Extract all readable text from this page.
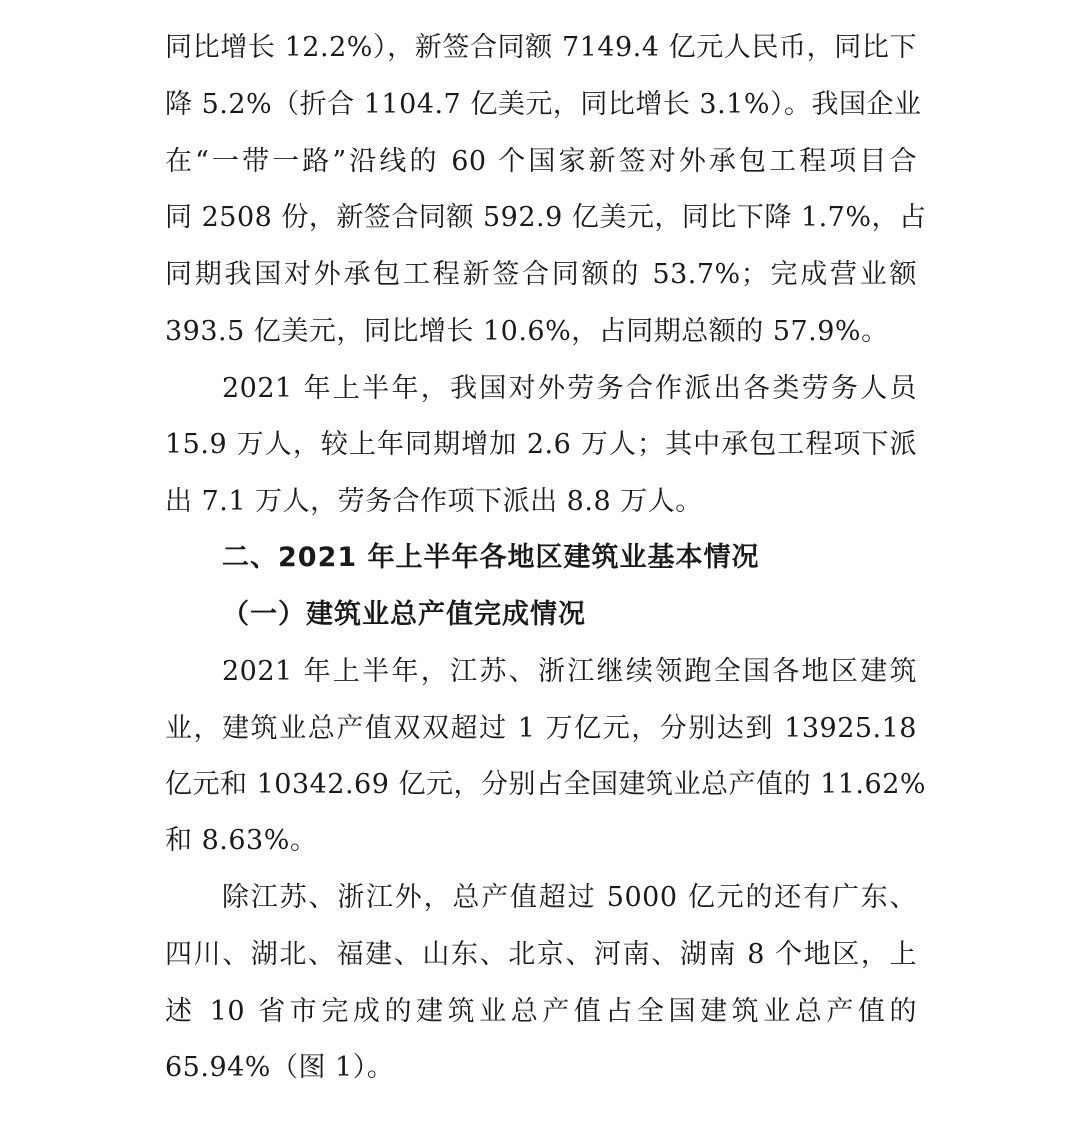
同比增长 12.2%），新签合同额 7149.4 亿元人民币，同比下
降 5.2%（折合 1104.7 亿美元，同比增长 3.1%）。我国企业
在“一带一路”沿线的 60 个国家新签对外承包工程项目合
同 2508 份，新签合同额 592.9 亿美元，同比下降 1.7%，占
同期我国对外承包工程新签合同额的 53.7%；完成营业额
393.5 亿美元，同比增长 10.6%，占同期总额的 57.9%。
2021 年上半年，我国对外劳务合作派出各类劳务人员
15.9 万人，较上年同期增加 2.6 万人；其中承包工程项下派
出 7.1 万人，劳务合作项下派出 8.8 万人。
二、2021 年上半年各地区建筑业基本情况
（一）建筑业总产值完成情况
2021 年上半年，江苏、浙江继续领跑全国各地区建筑
业，建筑业总产值双双超过 1 万亿元，分别达到 13925.18
亿元和 10342.69 亿元，分别占全国建筑业总产值的 11.62%
和 8.63%。
除江苏、浙江外，总产值超过 5000 亿元的还有广东、
四川、湖北、福建、山东、北京、河南、湖南 8 个地区，上
述 10 省市完成的建筑业总产值占全国建筑业总产值的
65.94%（图 1）。
